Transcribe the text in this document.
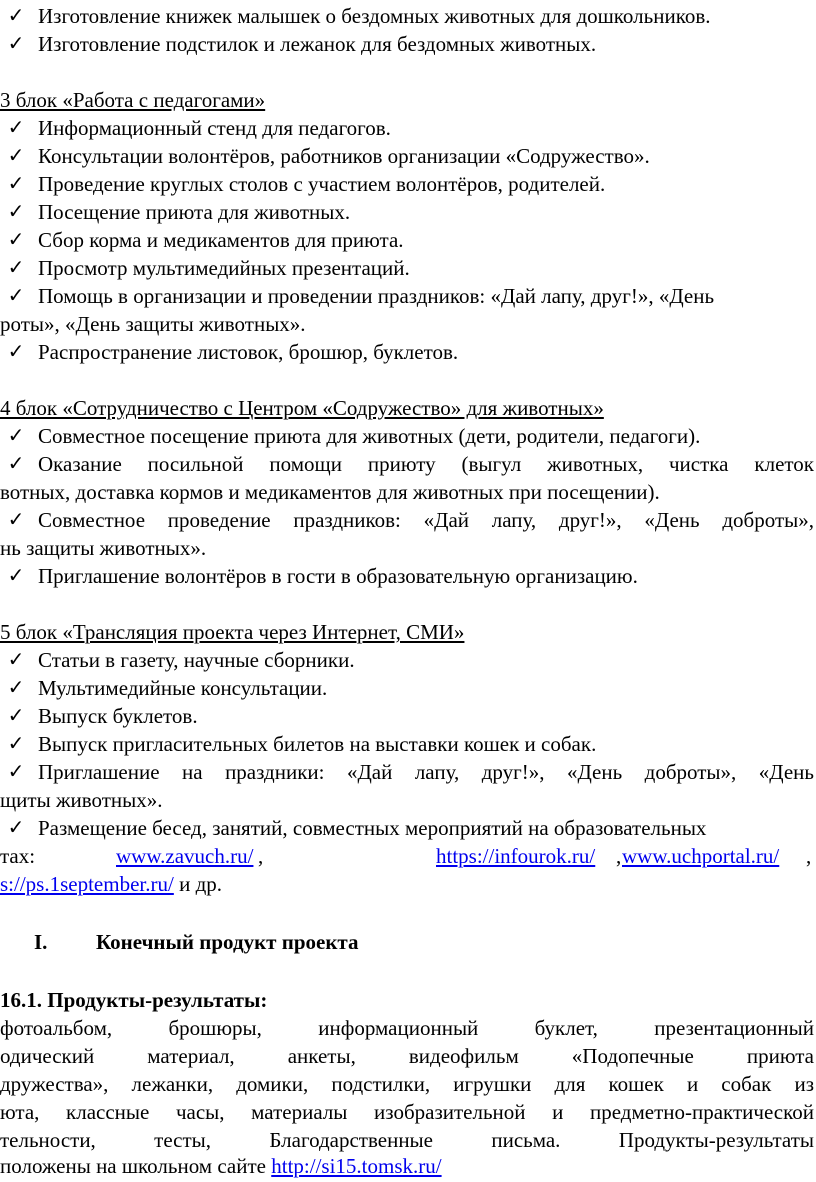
✓ Изготовление книжек малышек о бездомных животных для дошкольников.
✓ Изготовление подстилок и лежанок для бездомных животных.
3 блок «Работа с педагогами»
✓ Информационный стенд для педагогов.
✓ Консультации волонтёров, работников организации «Содружество».
✓ Проведение круглых столов с участием волонтёров, родителей.
✓ Посещение приюта для животных.
✓ Сбор корма и медикаментов для приюта.
✓ Просмотр мультимедийных презентаций.
✓ Помощь в организации и проведении праздников: «Дай лапу, друг!», «День
роты», «День защиты животных».
✓ Распространение листовок, брошюр, буклетов.
4 блок «Сотрудничество с Центром «Содружество» для животных»
✓ Совместное посещение приюта для животных (дети, родители, педагоги).
✓ Оказание посильной помощи приюту (выгул животных, чистка клеток
вотных, доставка кормов и медикаментов для животных при посещении).
✓ Совместное проведение праздников: «Дай лапу, друг!», «День доброты»,
нь защиты животных».
✓ Приглашение волонтёров в гости в образовательную организацию.
5 блок «Трансляция проекта через Интернет, СМИ»
✓ Статьи в газету, научные сборники.
✓ Мультимедийные консультации.
✓ Выпуск буклетов.
✓ Выпуск пригласительных билетов на выставки кошек и собак.
✓ Приглашение на праздники: «Дай лапу, друг!», «День доброты», «День
щиты животных».
✓ Размещение бесед, занятий, совместных мероприятий на образовательных
тах:	www.zavuch.ru/ ,	https://infourok.ru/ , www.uchportal.ru/ ,
s://ps.1september.ru/ и др.
I. Конечный продукт проекта
16.1. Продукты-результаты:
фотоальбом, брошюры, информационный буклет, презентационный
одический материал, анкеты, видеофильм «Подопечные приюта
дружества», лежанки, домики, подстилки, игрушки для кошек и собак из
юта, классные часы, материалы изобразительной и предметно-практической
тельности, тесты, Благодарственные письма. Продукты-результаты
положены на школьном сайте http://si15.tomsk.ru/
